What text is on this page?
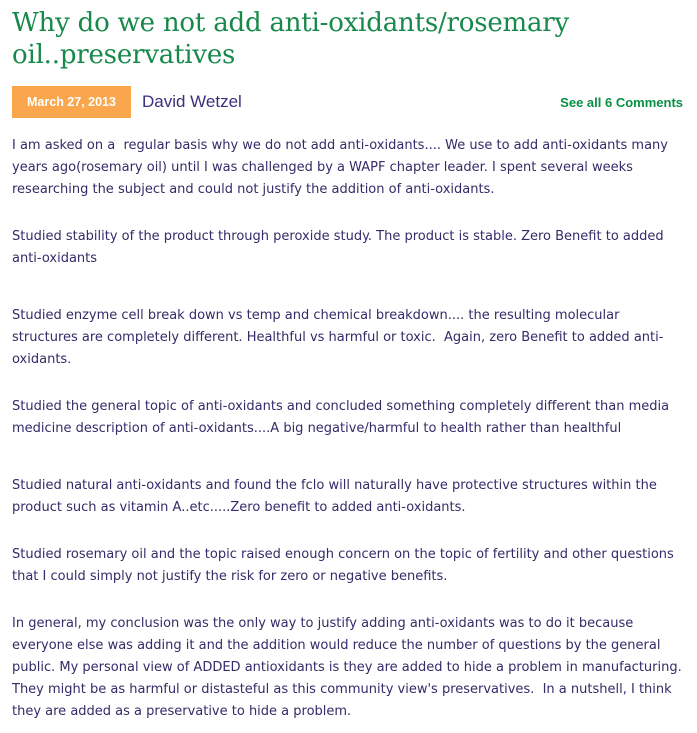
Why do we not add anti-oxidants/rosemary oil..preservatives
March 27, 2013	David Wetzel	See all 6 Comments

I am asked on a  regular basis why we do not add anti-oxidants.... We use to add anti-oxidants many years ago(rosemary oil) until I was challenged by a WAPF chapter leader. I spent several weeks researching the subject and could not justify the addition of anti-oxidants.

Studied stability of the product through peroxide study. The product is stable. Zero Benefit to added anti-oxidants

Studied enzyme cell break down vs temp and chemical breakdown.... the resulting molecular structures are completely different. Healthful vs harmful or toxic.  Again, zero Benefit to added anti-oxidants.

Studied the general topic of anti-oxidants and concluded something completely different than media medicine description of anti-oxidants....A big negative/harmful to health rather than healthful

Studied natural anti-oxidants and found the fclo will naturally have protective structures within the product such as vitamin A..etc.....Zero benefit to added anti-oxidants.

Studied rosemary oil and the topic raised enough concern on the topic of fertility and other questions that I could simply not justify the risk for zero or negative benefits.

In general, my conclusion was the only way to justify adding anti-oxidants was to do it because everyone else was adding it and the addition would reduce the number of questions by the general public. My personal view of ADDED antioxidants is they are added to hide a problem in manufacturing. They might be as harmful or distasteful as this community view's preservatives.  In a nutshell, I think they are added as a preservative to hide a problem.
